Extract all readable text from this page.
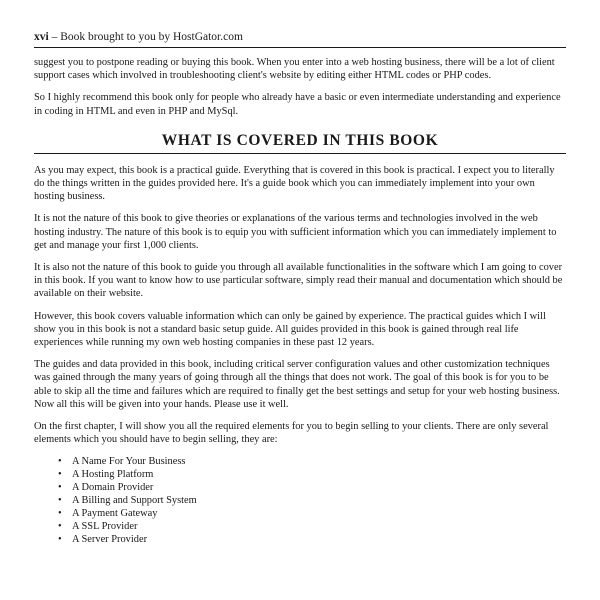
xvi – Book brought to you by HostGator.com

suggest you to postpone reading or buying this book. When you enter into a web hosting business, there will be a lot of client support cases which involved in troubleshooting client's website by editing either HTML codes or PHP codes.

So I highly recommend this book only for people who already have a basic or even intermediate understanding and experience in coding in HTML and even in PHP and MySql.

WHAT IS COVERED IN THIS BOOK

As you may expect, this book is a practical guide. Everything that is covered in this book is practical. I expect you to literally do the things written in the guides provided here. It's a guide book which you can immediately implement into your own hosting business.

It is not the nature of this book to give theories or explanations of the various terms and technologies involved in the web hosting industry. The nature of this book is to equip you with sufficient information which you can immediately implement to get and manage your first 1,000 clients.

It is also not the nature of this book to guide you through all available functionalities in the software which I am going to cover in this book. If you want to know how to use particular software, simply read their manual and documentation which should be available on their website.

However, this book covers valuable information which can only be gained by experience. The practical guides which I will show you in this book is not a standard basic setup guide. All guides provided in this book is gained through real life experiences while running my own web hosting companies in these past 12 years.

The guides and data provided in this book, including critical server configuration values and other customization techniques was gained through the many years of going through all the things that does not work. The goal of this book is for you to be able to skip all the time and failures which are required to finally get the best settings and setup for your web hosting business. Now all this will be given into your hands. Please use it well.

On the first chapter, I will show you all the required elements for you to begin selling to your clients. There are only several elements which you should have to begin selling, they are:

• A Name For Your Business
• A Hosting Platform
• A Domain Provider
• A Billing and Support System
• A Payment Gateway
• A SSL Provider
• A Server Provider
